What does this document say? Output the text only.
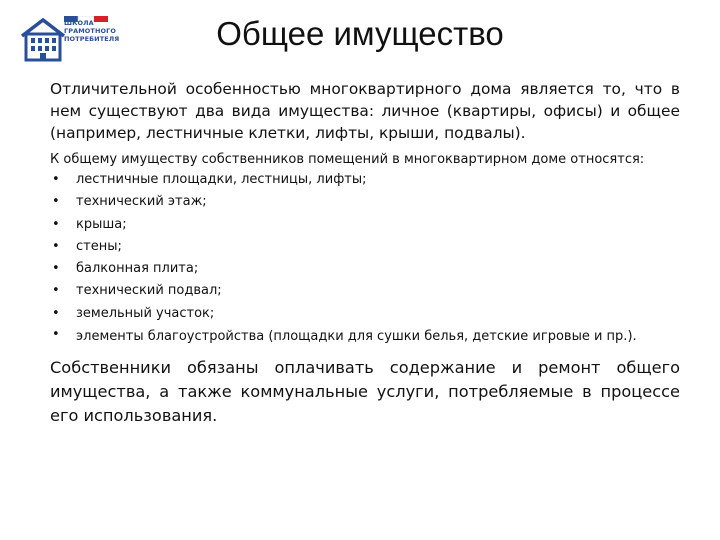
ШКОЛА
ГРАМОТНОГО
ПОТРЕБИТЕЛЯ	Общее имущество

Отличительной особенностью многоквартирного дома является то, что в нем существуют два вида имущества: личное (квартиры, офисы) и общее (например, лестничные клетки, лифты, крыши, подвалы).

К общему имуществу собственников помещений в многоквартирном доме относятся:

• лестничные площадки, лестницы, лифты;
• технический этаж;
• крыша;
• стены;
• балконная плита;
• технический подвал;
• земельный участок;
• элементы благоустройства (площадки для сушки белья, детские игровые и пр.).

Собственники обязаны оплачивать содержание и ремонт общего имущества, а также коммунальные услуги, потребляемые в процессе его использования.
